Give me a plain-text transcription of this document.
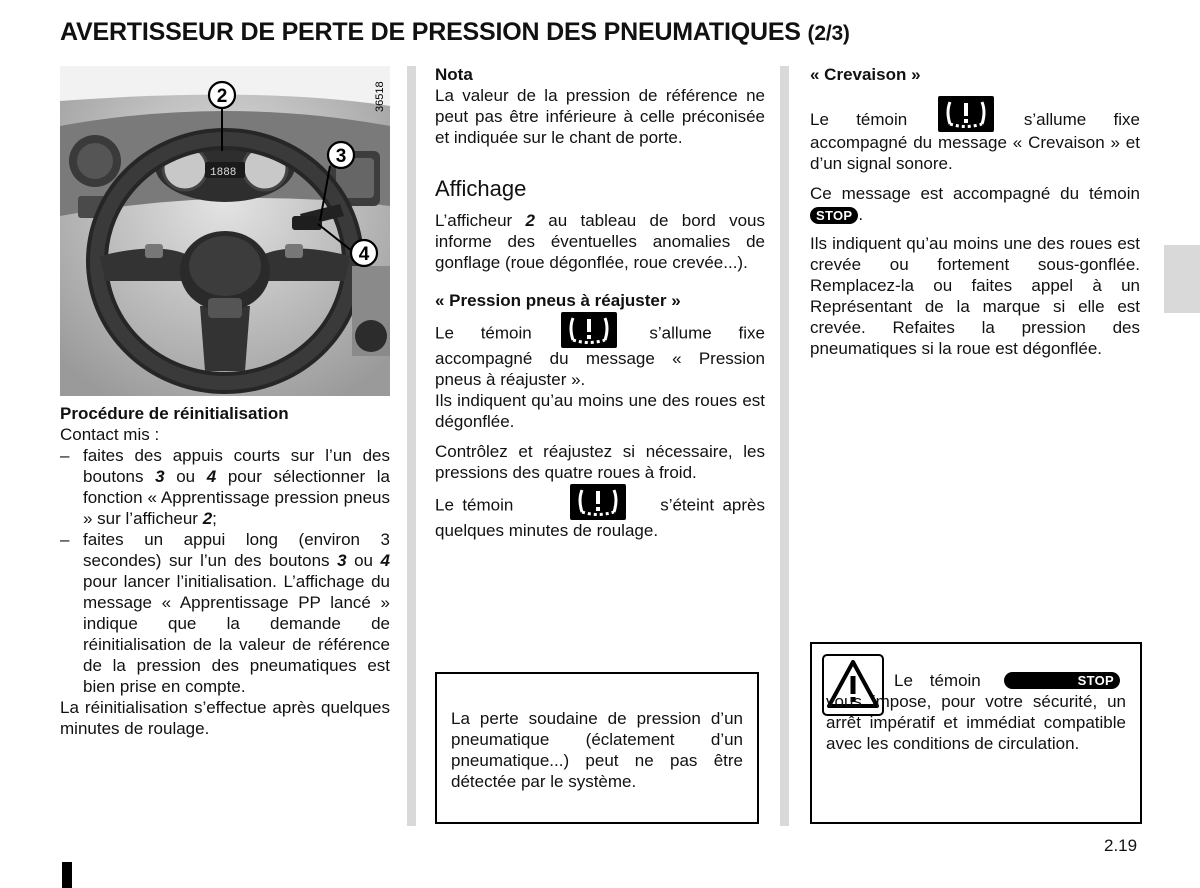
AVERTISSEUR DE PERTE DE PRESSION DES PNEUMATIQUES (2/3)
1888
2
3
4
36518

Procédure de réinitialisation

Contact mis :

– faites des appuis courts sur l’un des boutons 3 ou 4 pour sélectionner la fonction « Apprentissage pression pneus » sur l’afficheur 2;
– faites un appui long (environ 3 secondes) sur l’un des boutons 3 ou 4 pour lancer l’initialisation. L’affichage du message « Apprentissage PP lancé » indique que la demande de réinitialisation de la valeur de référence de la pression des pneumatiques est bien prise en compte.

La réinitialisation s’effectue après quelques minutes de roulage.

Nota

La valeur de la pression de référence ne peut pas être inférieure à celle préconisée et indiquée sur le chant de porte.

Affichage

L’afficheur 2 au tableau de bord vous informe des éventuelles anomalies de gonflage (roue dégonflée, roue crevée...).

« Pression pneus à réajuster »

Le témoin	s’allume fixe accompagné du message « Pression pneus à réajuster ».

Ils indiquent qu’au moins une des roues est dégonflée.

Contrôlez et réajustez si nécessaire, les pressions des quatre roues à froid.

Le témoin	s’éteint après quelques minutes de roulage.

La perte soudaine de pression d’un pneumatique (éclatement d’un pneumatique...) peut ne pas être détectée par le système.

« Crevaison »

Le témoin	s’allume fixe accompagné du message « Crevaison » et d’un signal sonore.

Ce message est accompagné du témoin STOP .

Ils indiquent qu’au moins une des roues est crevée ou fortement sous-gonflée. Remplacez-la ou faites appel à un Représentant de la marque si elle est crevée. Refaites la pression des pneumatiques si la roue est dégonflée.

Le témoin	STOP vous impose, pour votre sécurité, un arrêt impératif et immédiat compatible avec les conditions de circulation.

2.19
